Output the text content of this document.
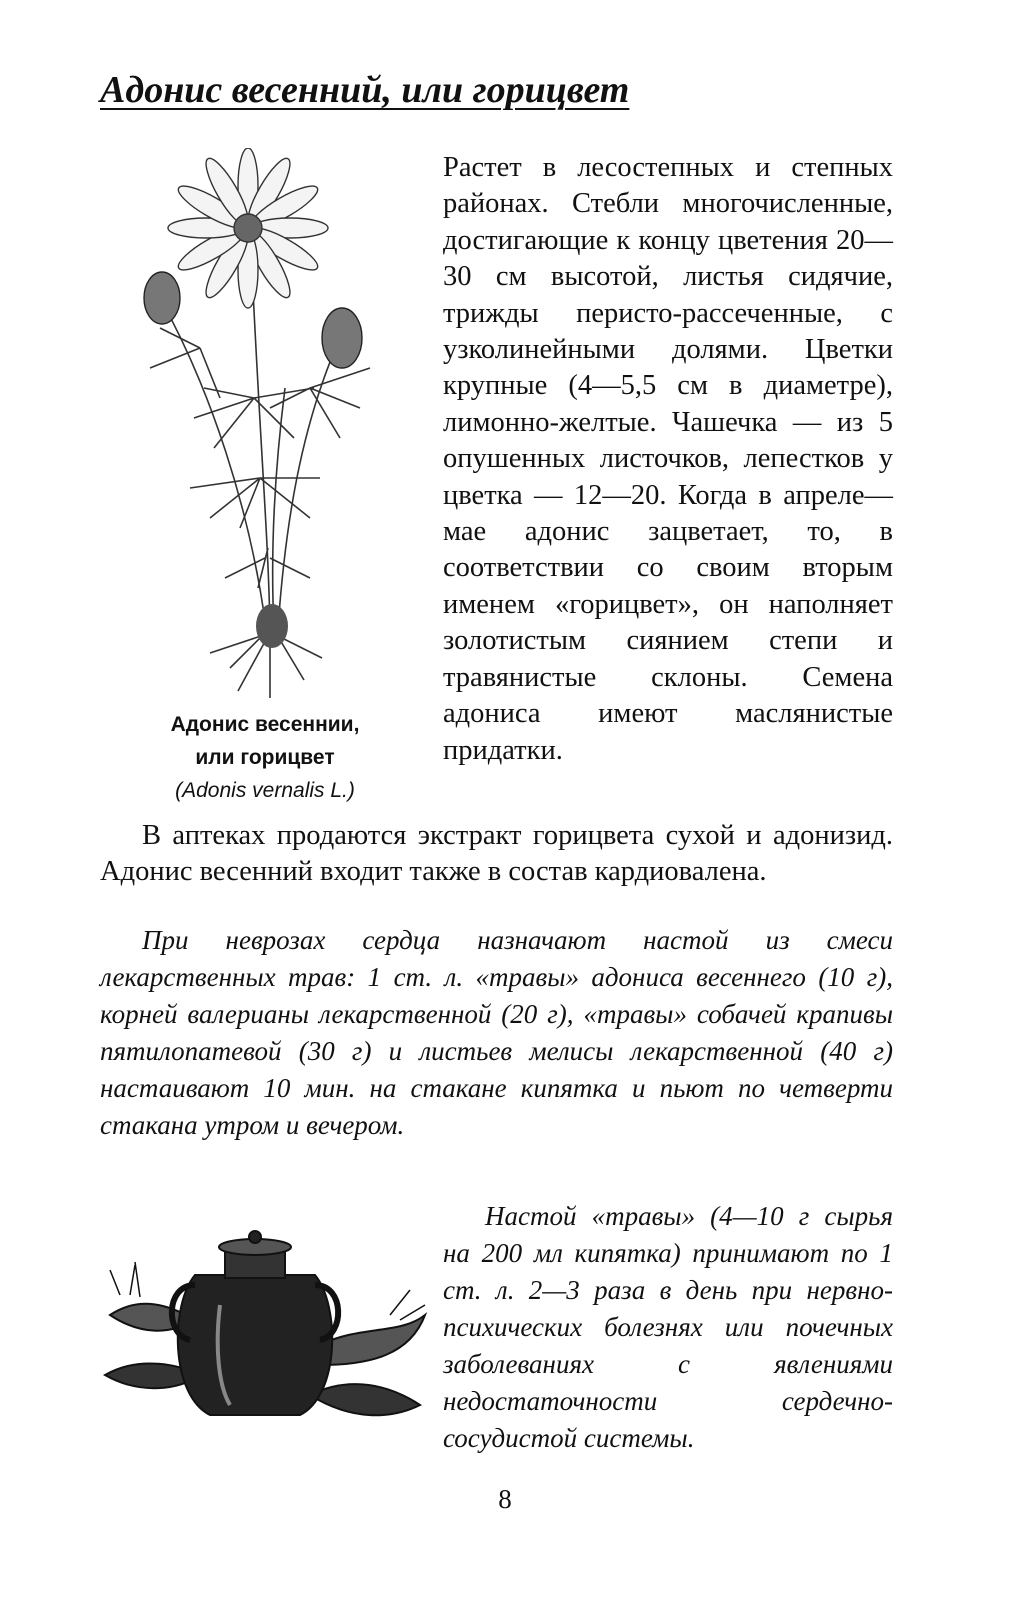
Адонис весенний, или горицвет
Адонис весеннии,
или горицвет
(Adonis vernalis L.)

Растет в лесостепных и степных районах. Стебли многочисленные, достигающие к концу цветения 20—30 см высотой, листья сидячие, трижды перисто-рассеченные, с узколинейными долями. Цветки крупные (4—5,5 см в диаметре), лимонно-желтые. Чашечка — из 5 опушенных листочков, лепестков у цветка — 12—20. Когда в апреле—мае адонис зацветает, то, в соответствии со своим вторым именем «горицвет», он наполняет золотистым сиянием степи и травянистые склоны. Семена адониса имеют маслянистые придатки.

В аптеках продаются экстракт горицвета сухой и адонизид. Адонис весенний входит также в состав кардиовалена.

При неврозах сердца назначают настой из смеси лекарственных трав: 1 ст. л. «травы» адониса весеннего (10 г), корней валерианы лекарственной (20 г), «травы» собачей крапивы пятилопатевой (30 г) и листьев мелисы лекарственной (40 г) настаивают 10 мин. на стакане кипятка и пьют по четверти стакана утром и вечером.

Настой «травы» (4—10 г сырья на 200 мл кипятка) принимают по 1 ст. л. 2—3 раза в день при нервно-психических болезнях или почечных заболеваниях с явлениями недостаточности сердечно-сосудистой системы.

8
